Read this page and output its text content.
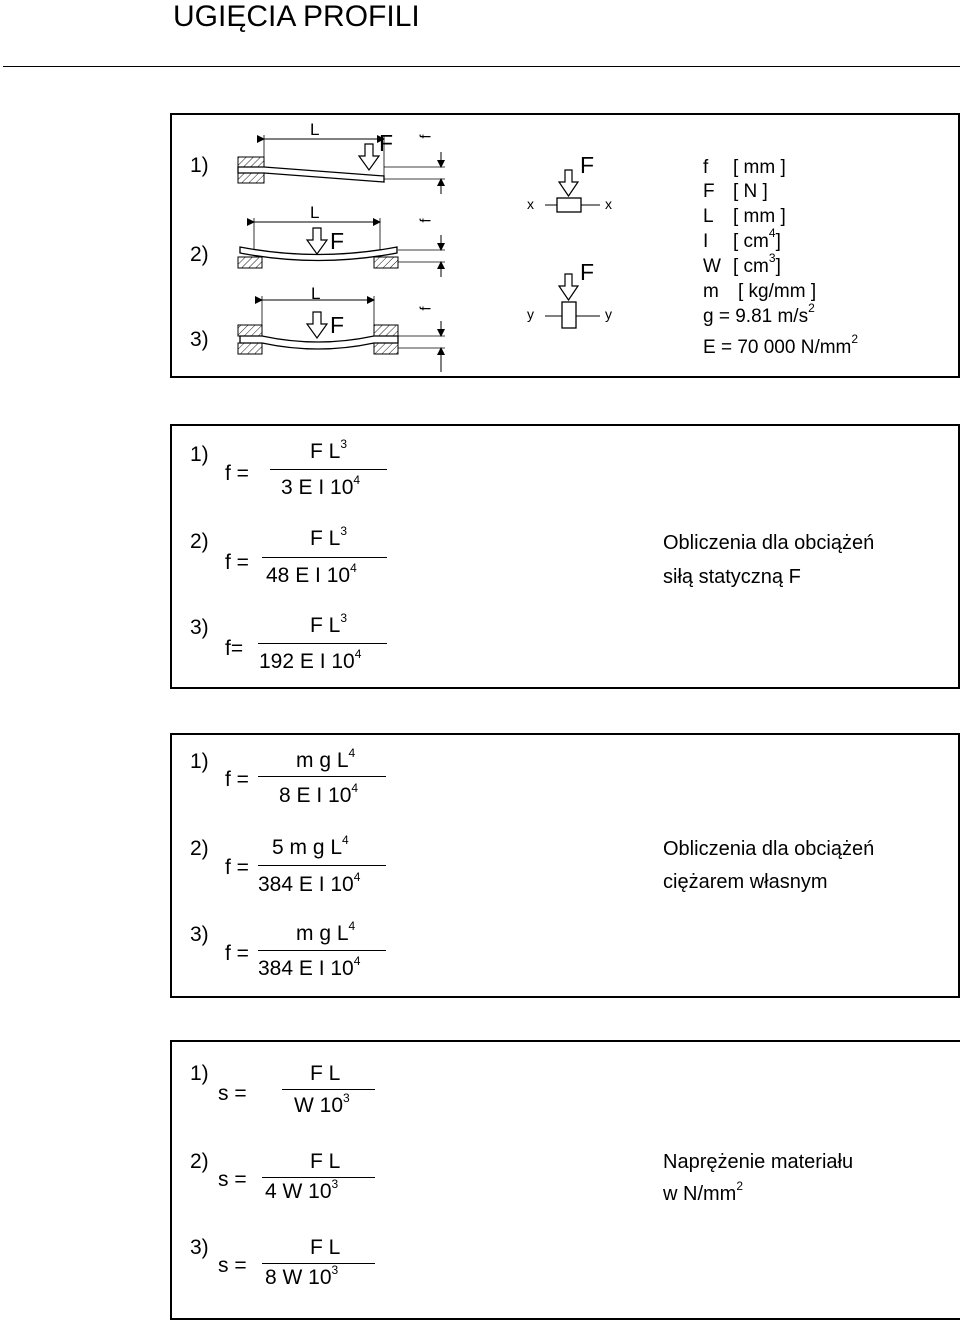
UGIĘCIA PROFILI
1)
2)
3)
L
F f
L
F
f
L
F
f
F
x	x
F
y	y
f [ mm ]
F [ N ]
L [ mm ]
I [ $cm^4$]
W [ $cm^3$]
m [ kg/mm ]
g = 9.81 $m/s^2$
E = 70 000 $N/mm^2$
1)
f =
F $L^3$
3 E I $10^4$
2)
f =
F $L^3$
48 E I $10^4$
3)
f=
F $L^3$
192 E I $10^4$
Obliczenia dla obciążeń
siłą statyczną F
1)
f =
m g $L^4$
8 E I $10^4$
2)
f =
5 m g $L^4$
384 E I $10^4$
3)
f =
m g $L^4$
384 E I $10^4$
Obliczenia dla obciążeń
ciężarem własnym
1)
s =
F L
W $10^3$
2)
s =
F L
4 W $10^3$
3)
s =
F L
8 W $10^3$
Naprężenie materiału
w $N/mm^2$
